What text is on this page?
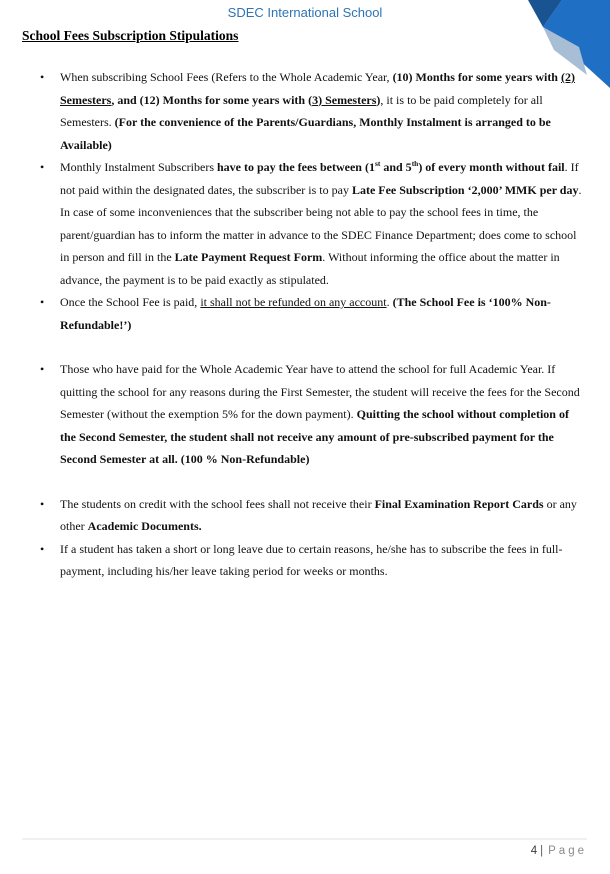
SDEC International School
School Fees Subscription Stipulations
•	When subscribing School Fees (Refers to the Whole Academic Year, (10) Months for some years with (2) Semesters, and (12) Months for some years with (3) Semesters), it is to be paid completely for all Semesters. (For the convenience of the Parents/Guardians, Monthly Instalment is arranged to be Available)
•	Monthly Instalment Subscribers have to pay the fees between (1st and 5th) of every month without fail. If not paid within the designated dates, the subscriber is to pay Late Fee Subscription ‘2,000’ MMK per day. In case of some inconveniences that the subscriber being not able to pay the school fees in time, the parent/guardian has to inform the matter in advance to the SDEC Finance Department; does come to school in person and fill in the Late Payment Request Form. Without informing the office about the matter in advance, the payment is to be paid exactly as stipulated.
•	Once the School Fee is paid, it shall not be refunded on any account. (The School Fee is ‘100% Non-Refundable!’)
•	Those who have paid for the Whole Academic Year have to attend the school for full Academic Year. If quitting the school for any reasons during the First Semester, the student will receive the fees for the Second Semester (without the exemption 5% for the down payment). Quitting the school without completion of the Second Semester, the student shall not receive any amount of pre-subscribed payment for the Second Semester at all. (100 % Non-Refundable)
•	The students on credit with the school fees shall not receive their Final Examination Report Cards or any other Academic Documents.
•	If a student has taken a short or long leave due to certain reasons, he/she has to subscribe the fees in full-payment, including his/her leave taking period for weeks or months.
4 | Page
